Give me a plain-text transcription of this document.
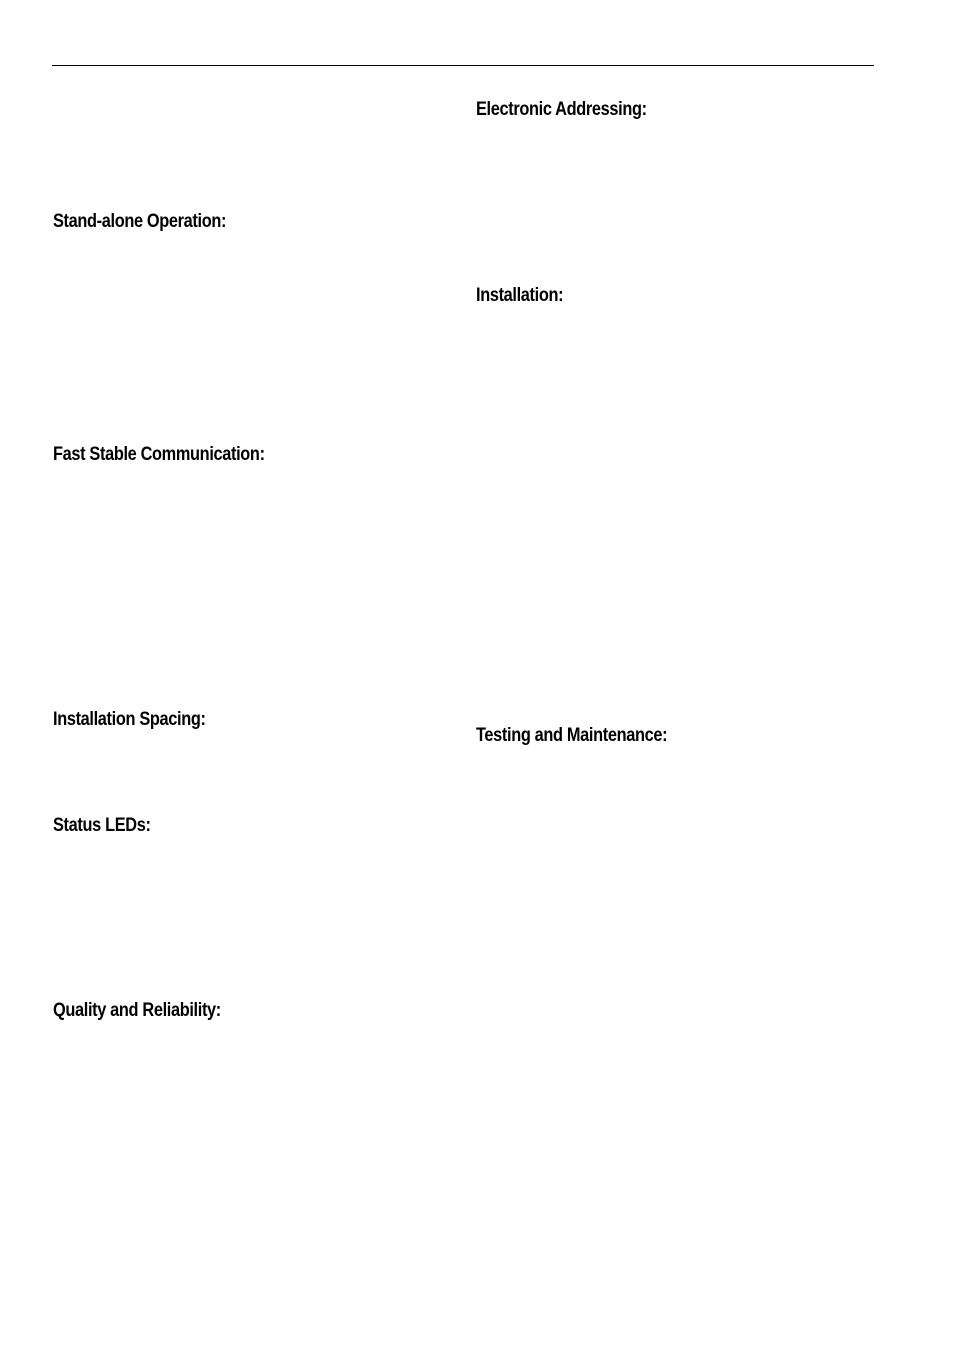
Electronic Addressing:
Stand-alone Operation:
Installation:
Fast Stable Communication:
Installation Spacing:
Testing and Maintenance:
Status LEDs:
Quality and Reliability:
